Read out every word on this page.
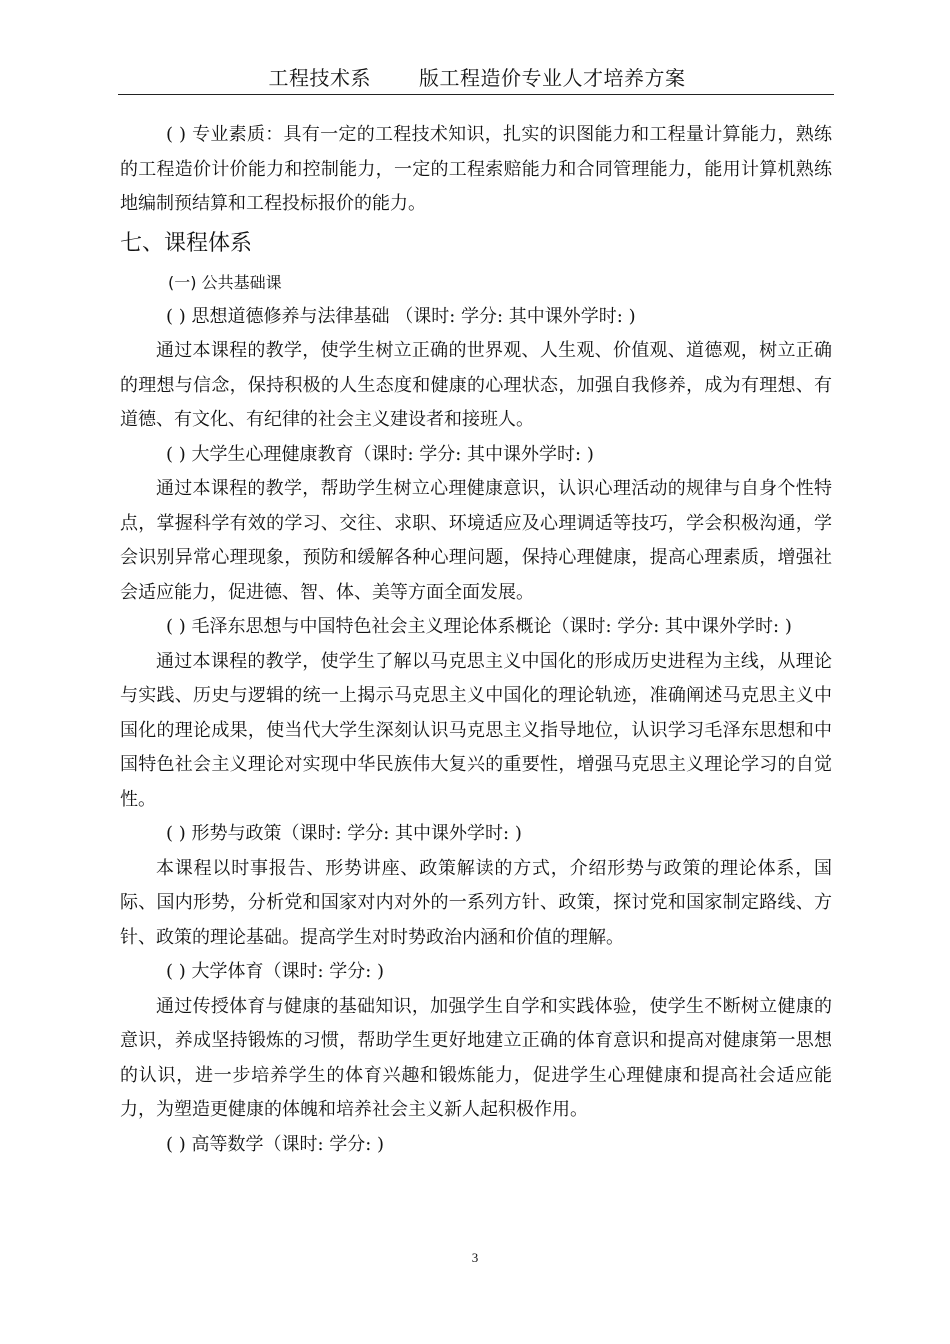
工程技术系 版工程造价专业人才培养方案

( ) 专业素质：具有一定的工程技术知识，扎实的识图能力和工程量计算能力，熟练的工程造价计价能力和控制能力，一定的工程索赔能力和合同管理能力，能用计算机熟练地编制预结算和工程投标报价的能力。

七、课程体系

(一) 公共基础课

( ) 思想道德修养与法律基础 （课时: 学分: 其中课外学时: )

通过本课程的教学，使学生树立正确的世界观、人生观、价值观、道德观，树立正确的理想与信念，保持积极的人生态度和健康的心理状态，加强自我修养，成为有理想、有道德、有文化、有纪律的社会主义建设者和接班人。

( ) 大学生心理健康教育（课时: 学分: 其中课外学时: )

通过本课程的教学，帮助学生树立心理健康意识，认识心理活动的规律与自身个性特点，掌握科学有效的学习、交往、求职、环境适应及心理调适等技巧，学会积极沟通，学会识别异常心理现象，预防和缓解各种心理问题，保持心理健康，提高心理素质，增强社会适应能力，促进德、智、体、美等方面全面发展。

( ) 毛泽东思想与中国特色社会主义理论体系概论（课时: 学分: 其中课外学时: )

通过本课程的教学，使学生了解以马克思主义中国化的形成历史进程为主线，从理论与实践、历史与逻辑的统一上揭示马克思主义中国化的理论轨迹，准确阐述马克思主义中国化的理论成果，使当代大学生深刻认识马克思主义指导地位，认识学习毛泽东思想和中国特色社会主义理论对实现中华民族伟大复兴的重要性，增强马克思主义理论学习的自觉性。

( ) 形势与政策（课时: 学分: 其中课外学时: )

本课程以时事报告、形势讲座、政策解读的方式，介绍形势与政策的理论体系，国际、国内形势，分析党和国家对内对外的一系列方针、政策，探讨党和国家制定路线、方针、政策的理论基础。提高学生对时势政治内涵和价值的理解。

( ) 大学体育（课时: 学分: )

通过传授体育与健康的基础知识，加强学生自学和实践体验，使学生不断树立健康的意识，养成坚持锻炼的习惯，帮助学生更好地建立正确的体育意识和提高对健康第一思想的认识，进一步培养学生的体育兴趣和锻炼能力，促进学生心理健康和提高社会适应能力，为塑造更健康的体魄和培养社会主义新人起积极作用。

( ) 高等数学（课时: 学分: )

3
